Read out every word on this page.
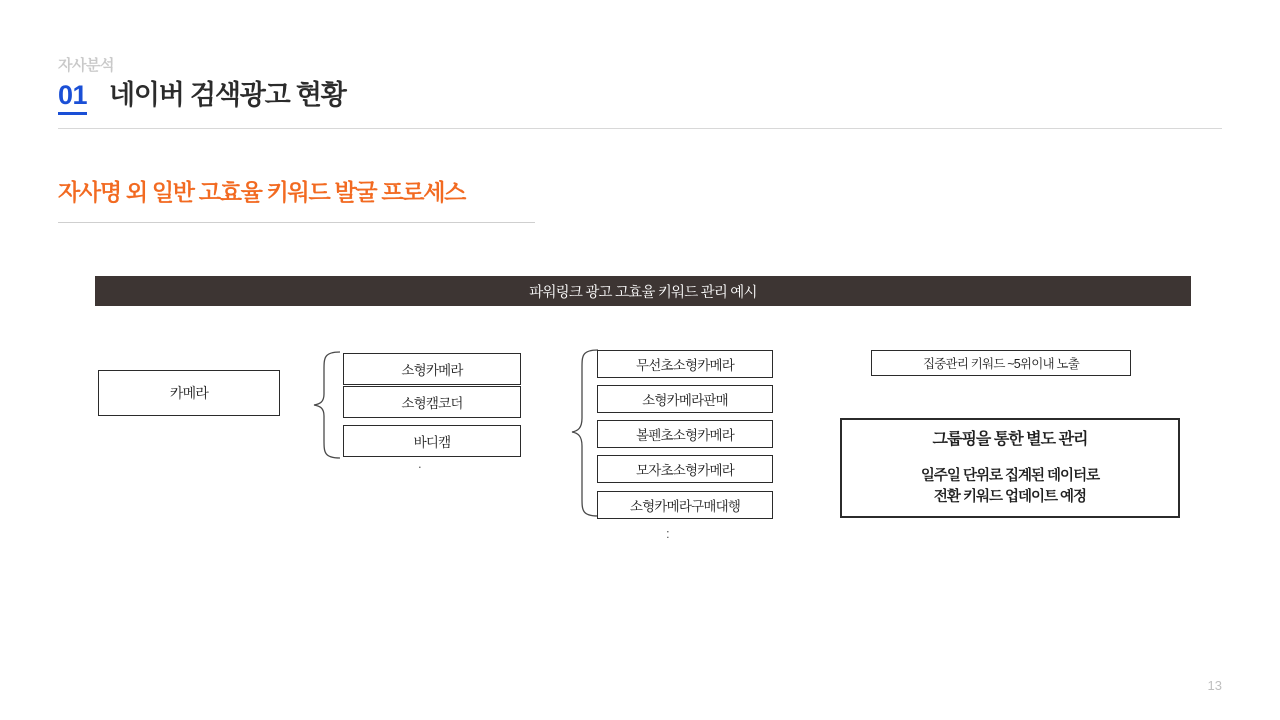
자사분석
01 네이버 검색광고 현황
자사명 외 일반 고효율 키워드 발굴 프로세스
파워링크 광고 고효율 키워드 관리 예시
카메라
소형카메라
소형캠코더
바디캠
.
무선초소형카메라
소형카메라판매
볼펜초소형카메라
모자초소형카메라
소형카메라구매대행
:
집중관리 키워드 ~5위이내 노출
그룹핑을 통한 별도 관리
일주일 단위로 집계된 데이터로
전환 키워드 업데이트 예정
13
